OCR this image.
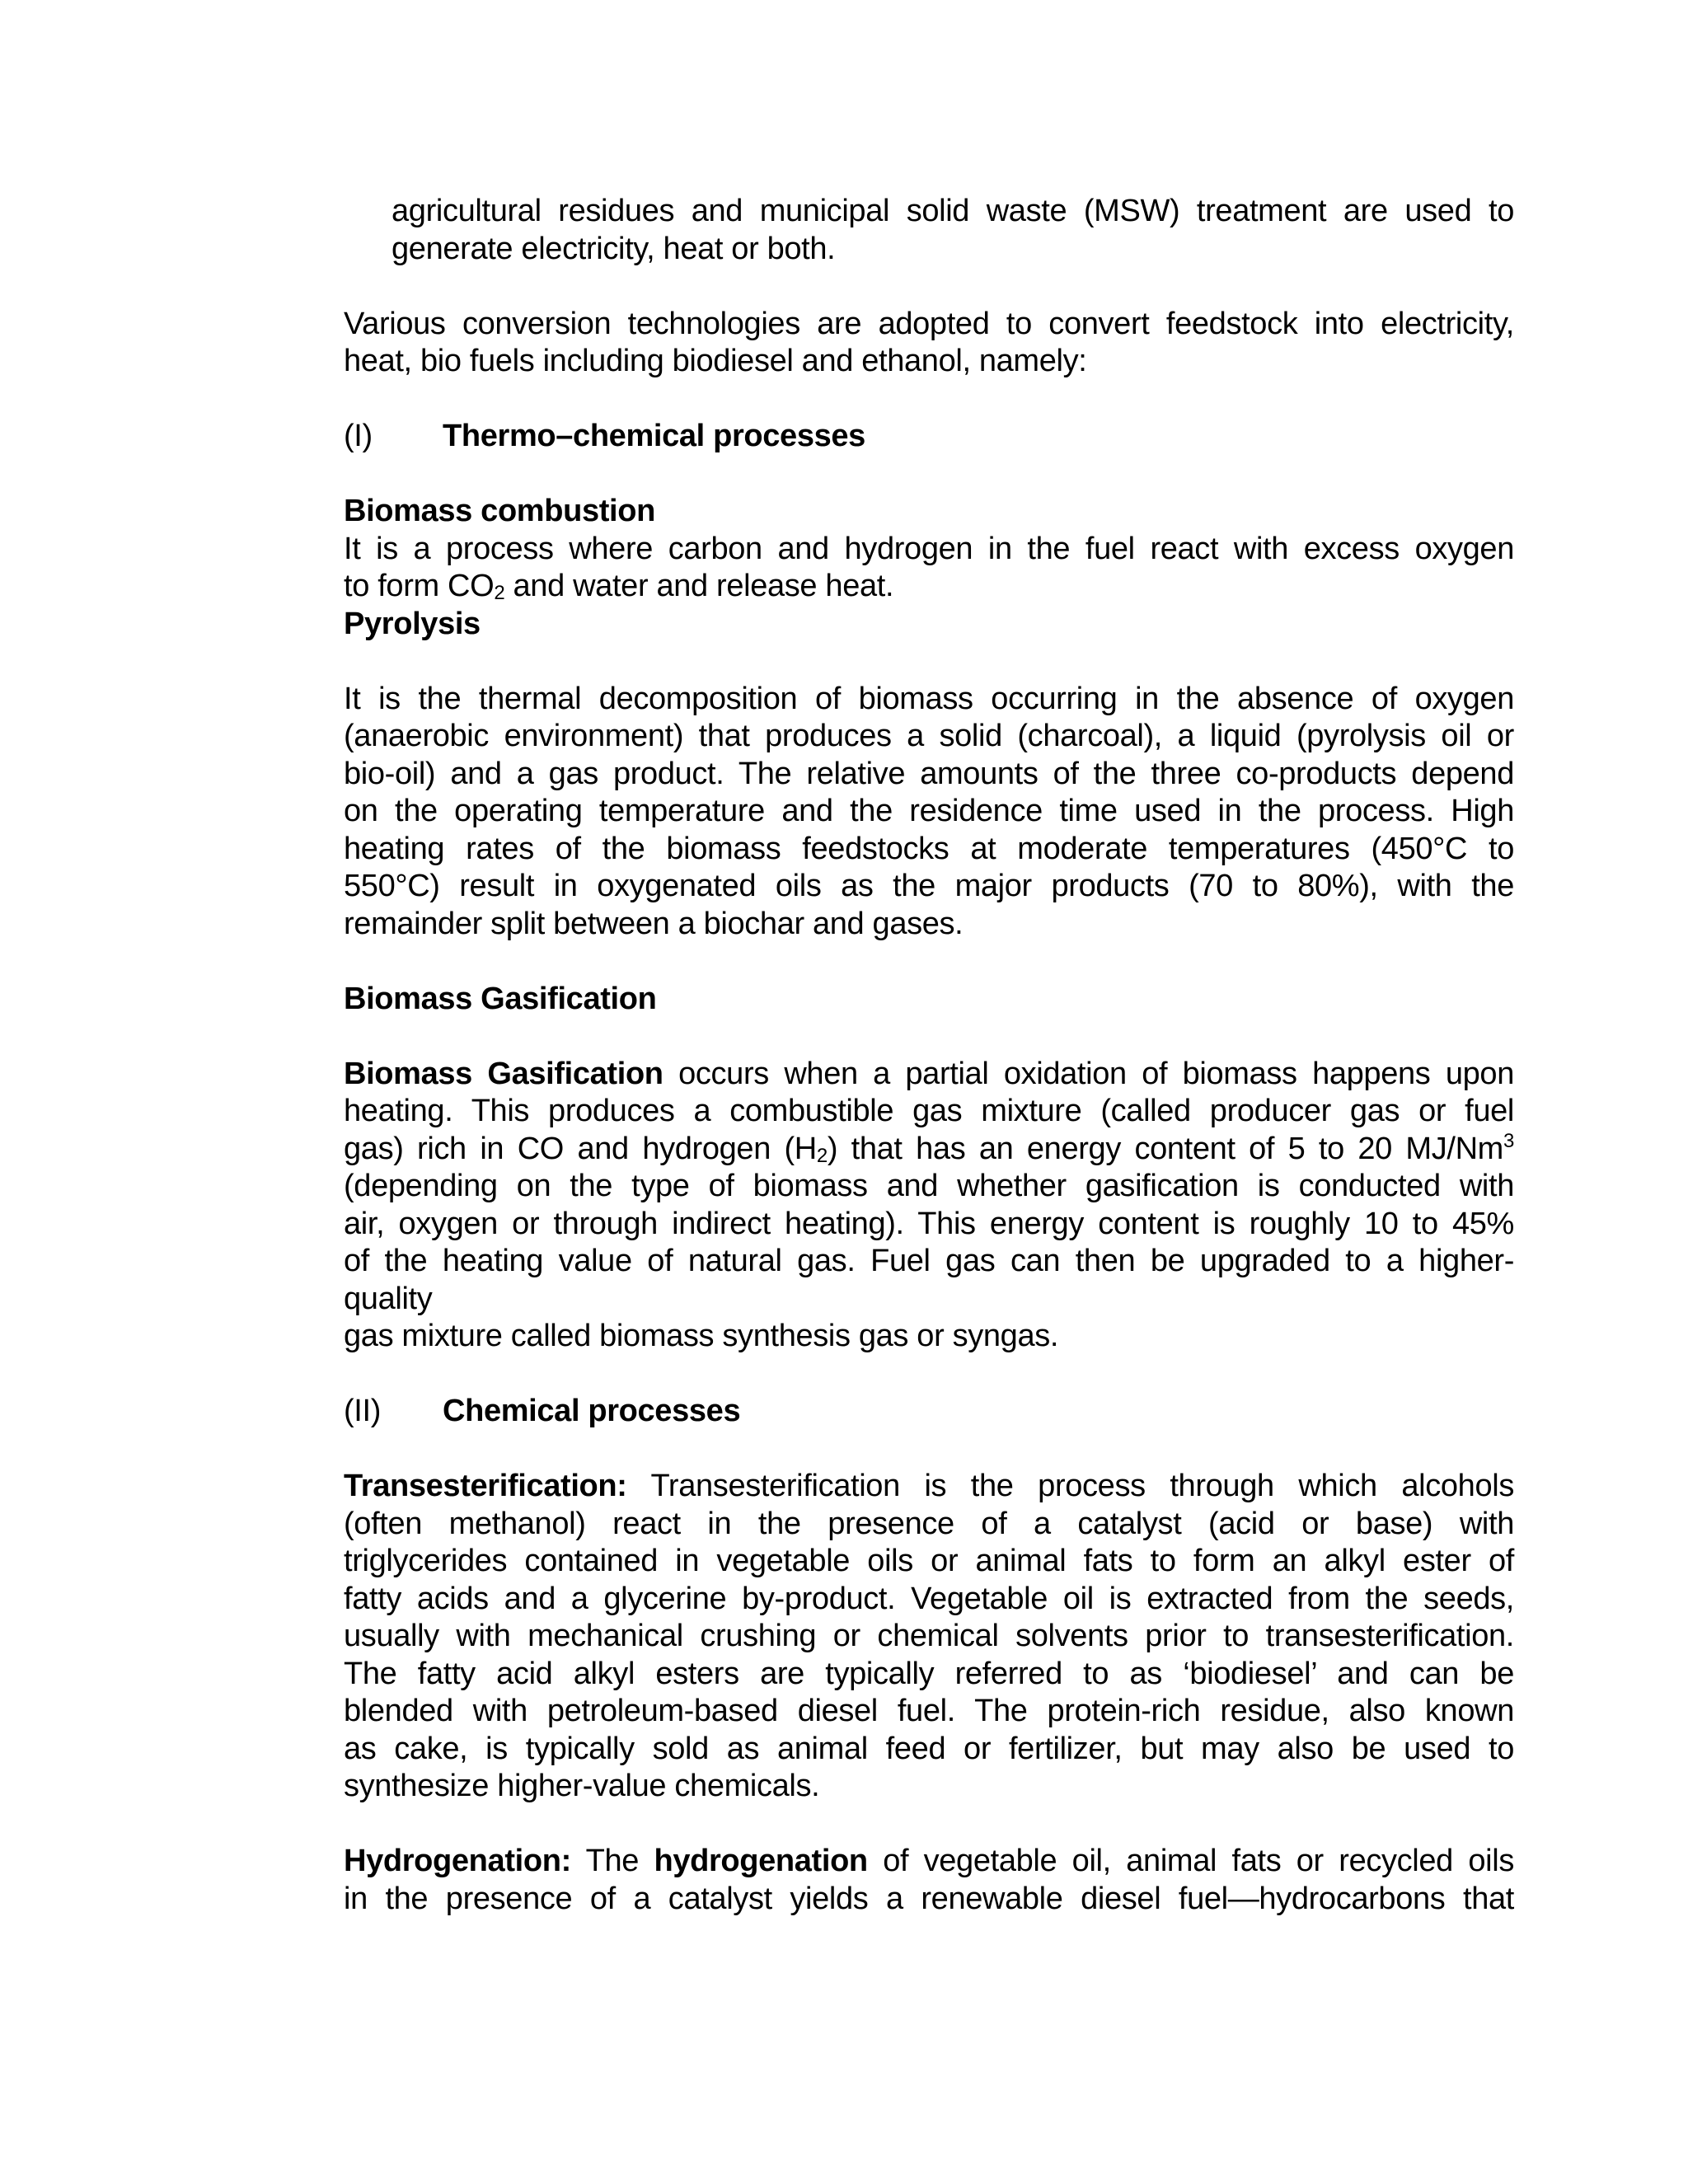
agricultural residues and municipal solid waste (MSW) treatment are used to
generate electricity, heat or both.
Various conversion technologies are adopted to convert feedstock into electricity,
heat, bio fuels including biodiesel and ethanol, namely:
(I)	Thermo–chemical processes
Biomass combustion
It is a process where carbon and hydrogen in the fuel react with excess oxygen
to form $CO_2$ and water and release heat.
Pyrolysis
It is the thermal decomposition of biomass occurring in the absence of oxygen
(anaerobic environment) that produces a solid (charcoal), a liquid (pyrolysis oil or
bio-oil) and a gas product. The relative amounts of the three co-products depend
on the operating temperature and the residence time used in the process. High
heating rates of the biomass feedstocks at moderate temperatures (450°C to
550°C) result in oxygenated oils as the major products (70 to 80%), with the
remainder split between a biochar and gases.
Biomass Gasification
Biomass Gasification occurs when a partial oxidation of biomass happens upon
heating. This produces a combustible gas mixture (called producer gas or fuel
gas) rich in CO and hydrogen $(H_2)$ that has an energy content of 5 to 20 MJ/Nm$^3$
(depending on the type of biomass and whether gasification is conducted with
air, oxygen or through indirect heating). This energy content is roughly 10 to 45%
of the heating value of natural gas. Fuel gas can then be upgraded to a higher-
quality
gas mixture called biomass synthesis gas or syngas.
(II)	Chemical processes
Transesterification: Transesterification is the process through which alcohols
(often methanol) react in the presence of a catalyst (acid or base) with
triglycerides contained in vegetable oils or animal fats to form an alkyl ester of
fatty acids and a glycerine by-product. Vegetable oil is extracted from the seeds,
usually with mechanical crushing or chemical solvents prior to transesterification.
The fatty acid alkyl esters are typically referred to as ‘biodiesel’ and can be
blended with petroleum-based diesel fuel. The protein-rich residue, also known
as cake, is typically sold as animal feed or fertilizer, but may also be used to
synthesize higher-value chemicals.
Hydrogenation: The hydrogenation of vegetable oil, animal fats or recycled oils
in the presence of a catalyst yields a renewable diesel fuel—hydrocarbons that
